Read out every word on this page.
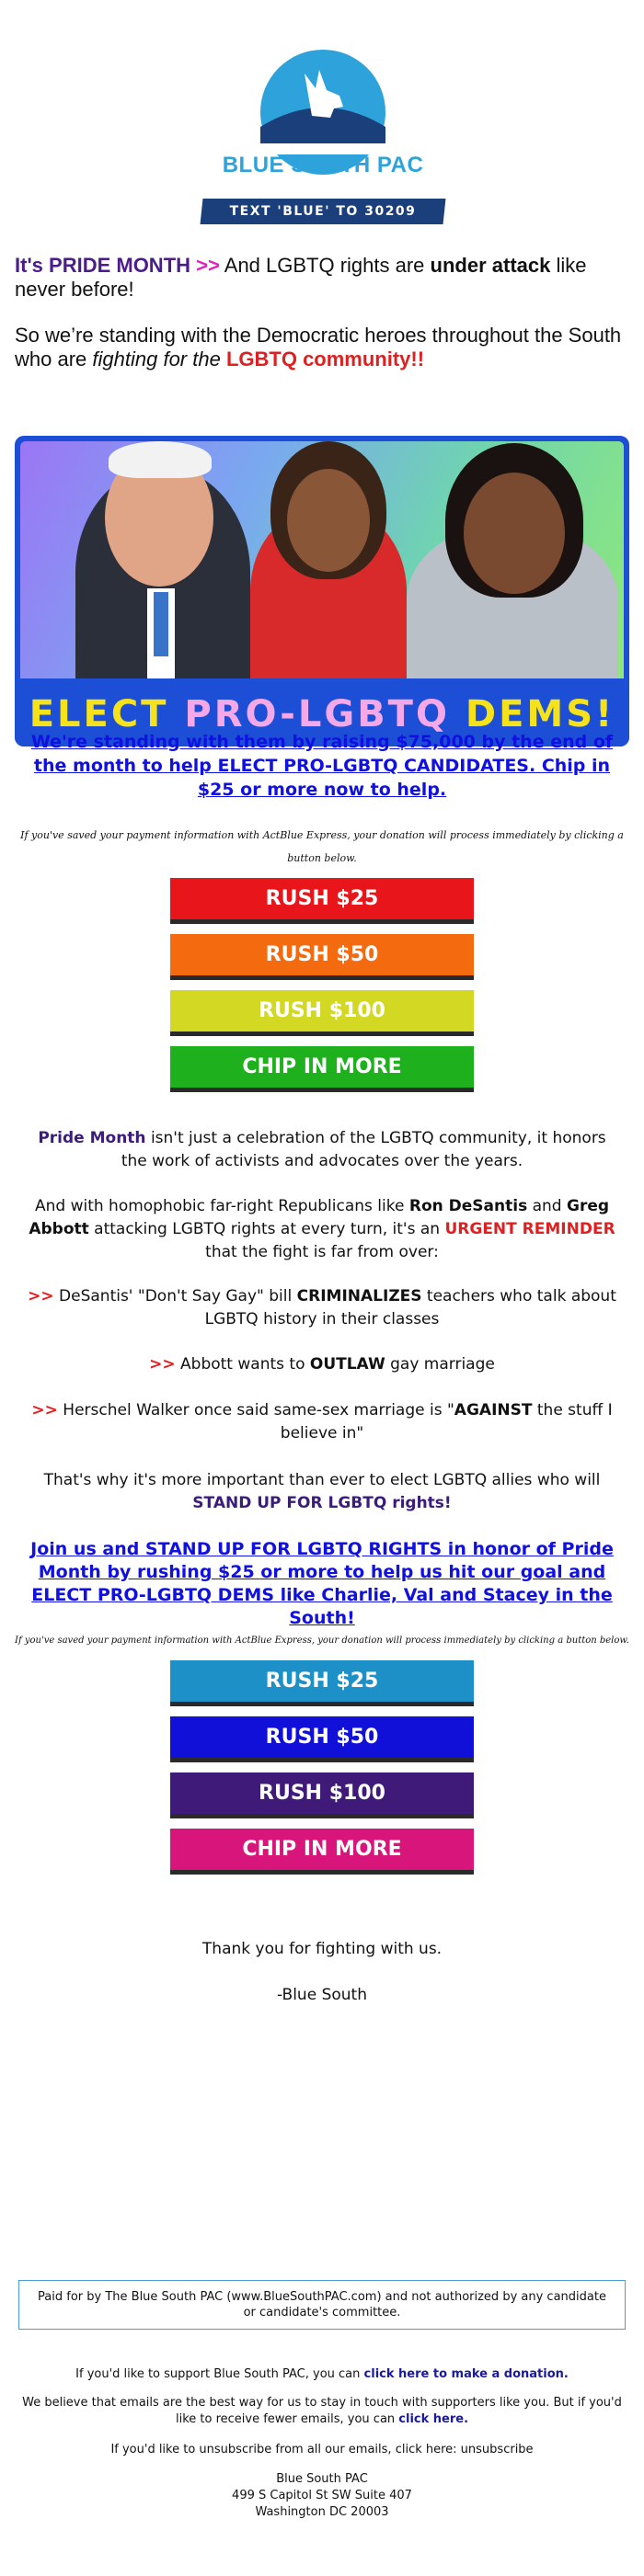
BLUE SOUTH PAC
TEXT 'BLUE' TO 30209
It's PRIDE MONTH >> And LGBTQ rights are under attack like never before!
So we’re standing with the Democratic heroes throughout the South who are fighting for the LGBTQ community!!
ELECT
PRO-LGBTQ
DEMS!
We're standing with them by raising $75,000 by the end of the month to help ELECT PRO-LGBTQ CANDIDATES. Chip in $25 or more now to help.
If you've saved your payment information with ActBlue Express, your donation will process immediately by clicking a button below.
RUSH $25
RUSH $50
RUSH $100
CHIP IN MORE
Pride Month isn't just a celebration of the LGBTQ community, it honors the work of activists and advocates over the years.
And with homophobic far-right Republicans like Ron DeSantis and Greg Abbott attacking LGBTQ rights at every turn, it's an URGENT REMINDER that the fight is far from over:
>> DeSantis' "Don't Say Gay" bill CRIMINALIZES teachers who talk about LGBTQ history in their classes
>> Abbott wants to OUTLAW gay marriage
>> Herschel Walker once said same-sex marriage is "AGAINST the stuff I believe in"
That's why it's more important than ever to elect LGBTQ allies who will STAND UP FOR LGBTQ rights!
Join us and STAND UP FOR LGBTQ RIGHTS in honor of Pride Month by rushing $25 or more to help us hit our goal and ELECT PRO-LGBTQ DEMS like Charlie, Val and Stacey in the South!
If you've saved your payment information with ActBlue Express, your donation will process immediately by clicking a button below.
RUSH $25
RUSH $50
RUSH $100
CHIP IN MORE
Thank you for fighting with us.
-Blue South
Paid for by The Blue South PAC (www.BlueSouthPAC.com) and not authorized by any candidate or candidate's committee.
If you'd like to support Blue South PAC, you can click here to make a donation.
We believe that emails are the best way for us to stay in touch with supporters like you. But if you'd like to receive fewer emails, you can click here.
If you'd like to unsubscribe from all our emails, click here: unsubscribe
Blue South PAC
499 S Capitol St SW Suite 407
Washington DC 20003
